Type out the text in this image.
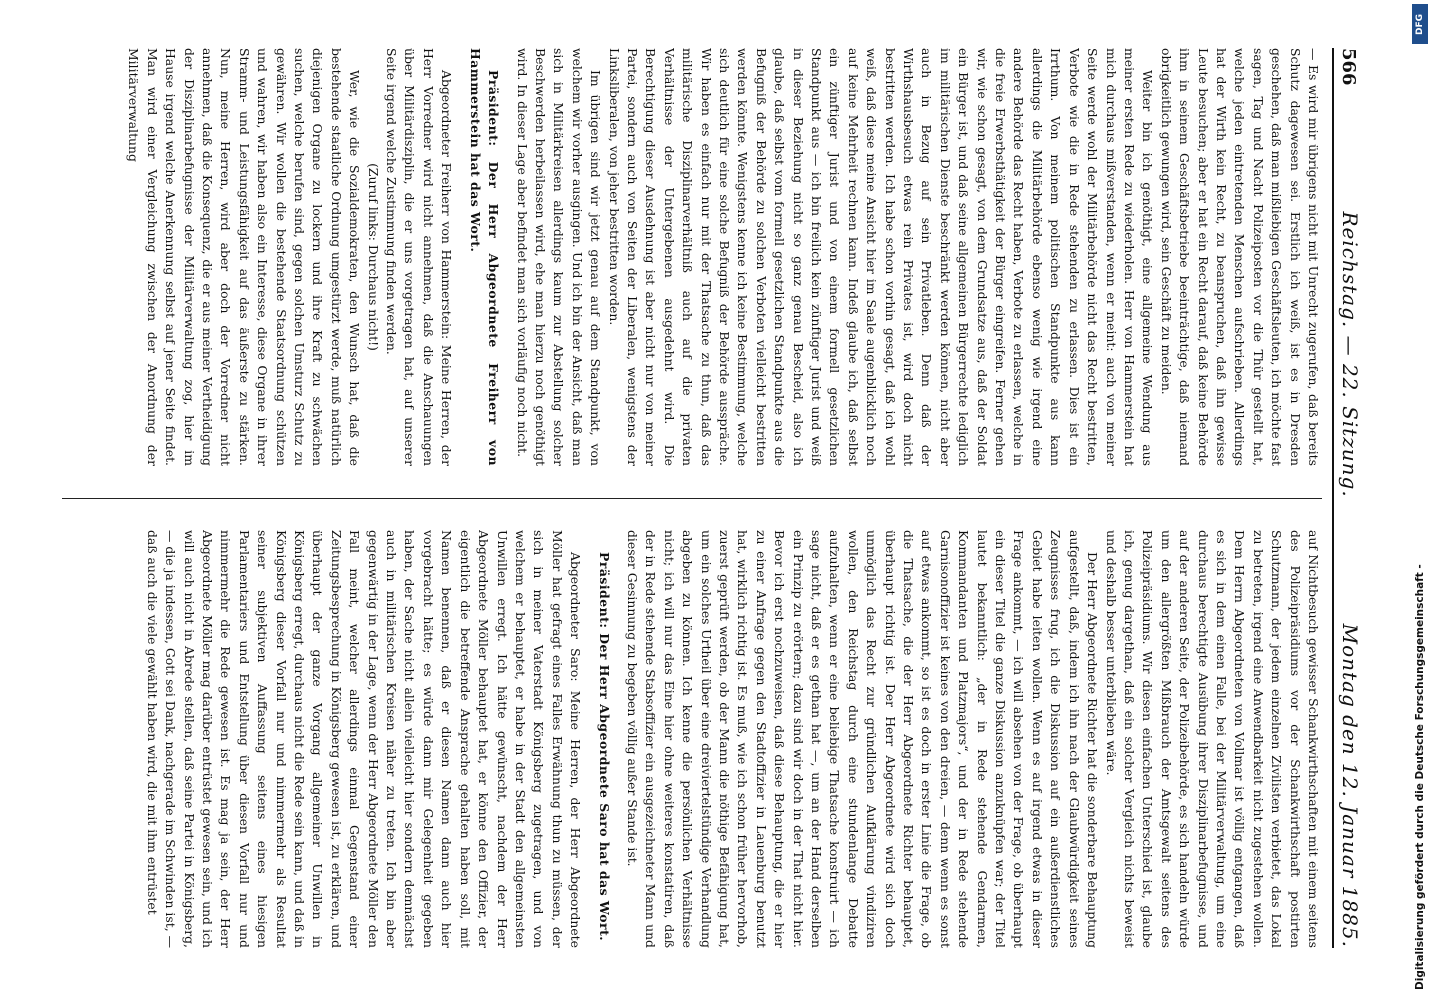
566
Reichstag. — 22. Sitzung.
Montag den 12. Januar 1885.

— Es wird mir übrigens nicht mit Unrecht zugerufen, daß bereits Schutz dagewesen sei. Erstlich ich weiß, ist es in Dresden geschehen, daß man mißliebigen Geschäftsleuten, ich möchte fast sagen, Tag und Nacht Polizeiposten vor die Thür gestellt hat, welche jeden eintretenden Menschen aufschrieben. Allerdings hat der Wirth kein Recht, zu beanspruchen, daß ihn gewisse Leute besuchen; aber er hat ein Recht darauf, daß keine Behörde ihm in seinem Geschäftsbetriebe beeinträchtige, daß niemand obrigkeitlich gewungen wird, sein Geschäft zu meiden.

Weiter bin ich genöthigt, eine allgemeine Wendung aus meiner ersten Rede zu wiederholen. Herr von Hammerstein hat mich durchaus mißverstanden, wenn er meint: auch von meiner Seite werde wohl der Militärbehörde nicht das Recht bestritten, Verbote wie die in Rede stehenden zu erlassen. Dies ist ein Irrthum. Von meinem politischen Standpunkte aus kann allerdings die Militärbehörde ebenso wenig wie irgend eine andere Behörde das Recht haben, Verbote zu erlassen, welche in die freie Erwerbsthätigkeit der Bürger eingreifen. Ferner gehen wir, wie schon gesagt, von dem Grundsatze aus, daß der Soldat ein Bürger ist, und daß seine allgemeinen Bürgerrechte lediglich im militärischen Dienste beschränkt werden können, nicht aber auch in Bezug auf sein Privatleben. Denn daß der Wirthshausbesuch etwas rein Privates ist, wird doch nicht bestritten werden. Ich habe schon vorhin gesagt, daß ich wohl weiß, daß diese meine Ansicht hier im Saale augenblicklich noch auf keine Mehrheit rechnen kann. Indeß glaube ich, daß selbst ein zünftiger Jurist und von einem formell gesetzlichen Standpunkt aus — ich bin freilich kein zünftiger Jurist und weiß in dieser Beziehung nicht so ganz genau Bescheid, also ich glaube, daß selbst vom formell gesetzlichen Standpunkte aus die Befugniß der Behörde zu solchen Verboten vielleicht bestritten werden könnte. Wenigstens kenne ich keine Bestimmung, welche sich deutlich für eine solche Befugniß der Behörde ausspräche. Wir haben es einfach nur mit der Thatsache zu thun, daß das militärische Disziplinarverhältniß auch auf die privaten Verhältnisse der Untergebenen ausgedehnt wird. Die Berechtigung dieser Ausdehnung ist aber nicht nur von meiner Partei, sondern auch von Seiten der Liberalen, wenigstens der Linksliberalen, von jeher bestritten worden.

Im übrigen sind wir jetzt genau auf dem Standpunkt, von welchem wir vorher ausgingen. Und ich bin der Ansicht, daß man sich in Militärkreisen allerdings kaum zur Abstellung solcher Beschwerden herbeilassen wird, ehe man hierzu noch genöthigt wird. In dieser Lage aber befindet man sich vorläufig noch nicht.

Präsident: Der Herr Abgeordnete Freiherr von Hammerstein hat das Wort.

Abgeordneter Freiherr von Hammerstein: Meine Herren, der Herr Vorredner wird nicht annehmen, daß die Anschauungen über Militärdisziplin, die er uns vorgetragen hat, auf unserer Seite irgend welche Zustimmung finden werden.

(Zuruf links: Durchaus nicht!)

Wer, wie die Sozialdemokraten, den Wunsch hat, daß die bestehende staatliche Ordnung umgestürzt werde, muß natürlich diejenigen Organe zu lockern und ihre Kraft zu schwächen suchen, welche berufen sind, gegen solchen Umsturz Schutz zu gewähren. Wir wollen die bestehende Staatsordnung schützen und wahren, wir haben also ein Interesse, diese Organe in ihrer Stramm- und Leistungsfähigkeit auf das äußerste zu stärken. Nun, meine Herren, wird aber doch der Vorredner nicht annehmen, daß die Konsequenz, die er aus meiner Vertheidigung der Disziplinarbefugnisse der Militärverwaltung zog, hier im Hause irgend welche Anerkennung selbst auf jener Seite findet. Man wird einer Vergleichung zwischen der Anordnung der Militärverwaltung

auf Nichtbesuch gewisser Schankwirthschaften mit einem seitens des Polizeipräsidiums vor der Schankwirthschaft postirten Schutzmann, der jedem einzelnen Zivilisten verbietet, das Lokal zu betreten, irgend eine Anwendbarkeit nicht zugestehen wollen. Dem Herrn Abgeordneten von Vollmar ist völlig entgangen, daß es sich in dem einen Falle, bei der Militärverwaltung, um eine durchaus berechtigte Ausübung ihrer Disziplinarbefugnisse, und auf der anderen Seite, der Polizeibehörde, es sich handeln würde um den allergrößten Mißbrauch der Amtsgewalt seitens des Polizeipräsidiums. Wir diesen einfachen Unterschied ist, glaube ich, genug dargethan, daß ein solcher Vergleich nichts beweist und deshalb besser unterblieben wäre.

Der Herr Abgeordnete Richter hat die sonderbare Behauptung aufgestellt, daß, indem ich ihn nach der Glaubwürdigkeit seines Zeugnisses frug, ich die Diskussion auf ein außerdienstliches Gebiet habe leiten wollen. Wenn es auf irgend etwas in dieser Frage ankommt, — ich will absehen von der Frage, ob überhaupt ein dieser Titel die ganze Diskussion anzuknüpfen war; der Titel lautet bekanntlich: „der in Rede stehende Gendarmen, Kommandanten und Platzmajors“, und der in Rede stehende Garnisonoffizier ist keines von den dreien, — denn wenn es sonst auf etwas ankommt, so ist es doch in erster Linie die Frage, ob die Thatsache, die der Herr Abgeordnete Richter behauptet, überhaupt richtig ist. Der Herr Abgeordnete wird sich doch unmöglich das Recht zur gründlichen Aufklärung vindiziren wollen, den Reichstag durch eine stundenlange Debatte aufzuhalten, wenn er eine beliebige Thatsache konstruirt — ich sage nicht, daß er es gethan hat —, um an der Hand derselben ein Prinzip zu erörtern; dazu sind wir doch in der That nicht hier. Bevor ich erst nochzuweisen, daß diese Behauptung, die er hier zu einer Anfrage gegen den Stadtoffizier in Lauenburg benutzt hat, wirklich richtig ist. Es muß, wie ich schon früher hervorhob, zuerst geprüft werden, ob der Mann die nöthige Befähigung hat, um ein solches Urtheil über eine dreiviertelstündige Verhandlung abgeben zu können. Ich kenne die persönlichen Verhältnisse nicht; ich will nur das Eine hier ohne weiteres konstatiren, daß der in Rede stehende Stabsoffizier ein ausgezeichneter Mann und dieser Gesinnung zu begeben völlig außer Stande ist.

Präsident: Der Herr Abgeordnete Saro hat das Wort.

Abgeordneter Saro: Meine Herren, der Herr Abgeordnete Möller hat gefragt eines Falles Erwähnung thun zu müssen, der sich in meiner Vaterstadt Königsberg zugetragen, und von welchem er behauptet, er habe in der Stadt den allgemeinsten Unwillen erregt. Ich hätte gewünscht, nachdem der Herr Abgeordnete Möller behauptet hat, er könne den Offizier, der eigentlich die betreffende Ansprache gehalten haben soll, mit Namen benennen, daß er diesen Namen dann auch hier vorgebracht hätte; es würde dann mir Gelegenheit gegeben haben, der Sache nicht allein vielleicht hier sondern demnächst auch in militärischen Kreisen näher zu treten. Ich bin aber gegenwärtig in der Lage, wenn der Herr Abgeordnete Möller den Fall meint, welcher allerdings einmal Gegenstand einer Zeitungsbesprechung in Königsberg gewesen ist, zu erklären, und überhaupt der ganze Vorgang allgemeiner Unwillen in Königsberg erregt, durchaus nicht die Rede sein kann, und daß in Königsberg dieser Vorfall nur und nimmermehr als Resultat seiner subjektiven Auffassung seitens eines hiesigen Parlamentariers und Entstellung über diesen Vorfall nur und nimmermehr die Rede gewesen ist. Es mag ja sein, der Herr Abgeordnete Möller mag darüber entrüstet gewesen sein, und ich will auch nicht in Abrede stellen, daß seine Partei in Königsberg, — die ja indessen, Gott sei Dank, nachgerade im Schwinden ist, — daß auch die viele gewählt haben wird, die mit ihm entrüstet

DFG
Digitalisierung gefördert durch die Deutsche Forschungsgemeinschaft -
